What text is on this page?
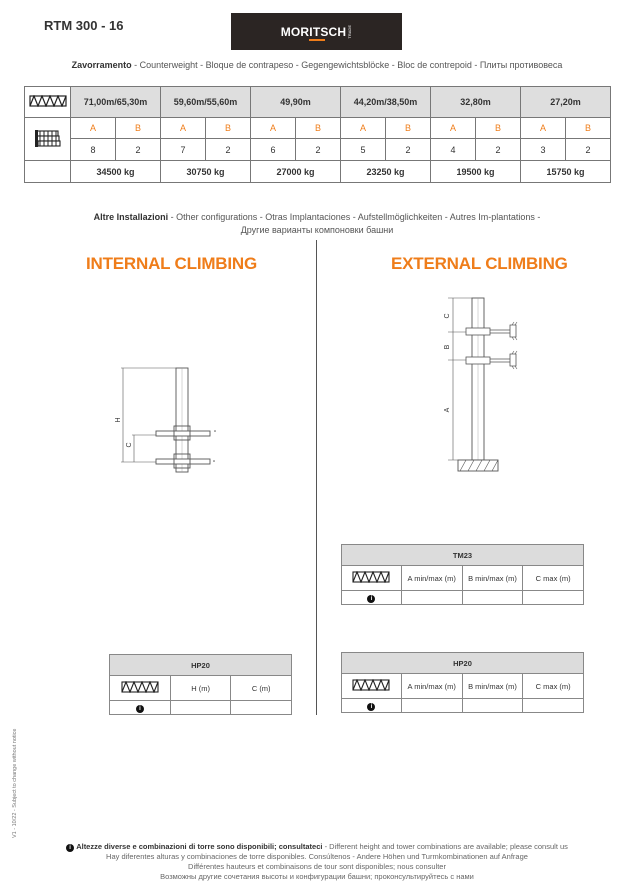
RTM 300 - 16	MORITSCH TRADE
Zavorramento - Counterweight - Bloque de contrapeso - Gegengewichtsblöcke - Bloc de contrepoid - Плиты противовеса
	71,00m/65,30m		59,60m/55,60m		49,90m		44,20m/38,50m		32,80m		27,20m	
	A	B	A	B	A	B	A	B	A	B	A	B
	8	2	7	2	6	2	5	2	4	2	3	2
	34500 kg		30750 kg		27000 kg		23250 kg		19500 kg		15750 kg	
Altre Installazioni - Other configurations - Otras Implantaciones - Aufstellmöglichkeiten - Autres Im-plantations -
Другие варианты компоновки башни
INTERNAL CLIMBING	EXTERNAL CLIMBING
H
C
C
B
A
TM23			
	A min/max (m)	B min/max (m)	C max (m)
i			
HP20			
	A min/max (m)	B min/max (m)	C max (m)
i			
HP20		
	H (m)	C (m)
i		
V1 - 10/22 - Subject to change without notice
i Altezze diverse e combinazioni di torre sono disponibili; consultateci - Different height and tower combinations are available; please consult us
Hay diferentes alturas y combinaciones de torre disponibles. Consúltenos - Andere Höhen und Turmkombinationen auf Anfrage
Différentes hauteurs et combinaisons de tour sont disponibles; nous consulter
Возможны другие сочетания высоты и конфигурации башни; проконсультируйтесь с нами
